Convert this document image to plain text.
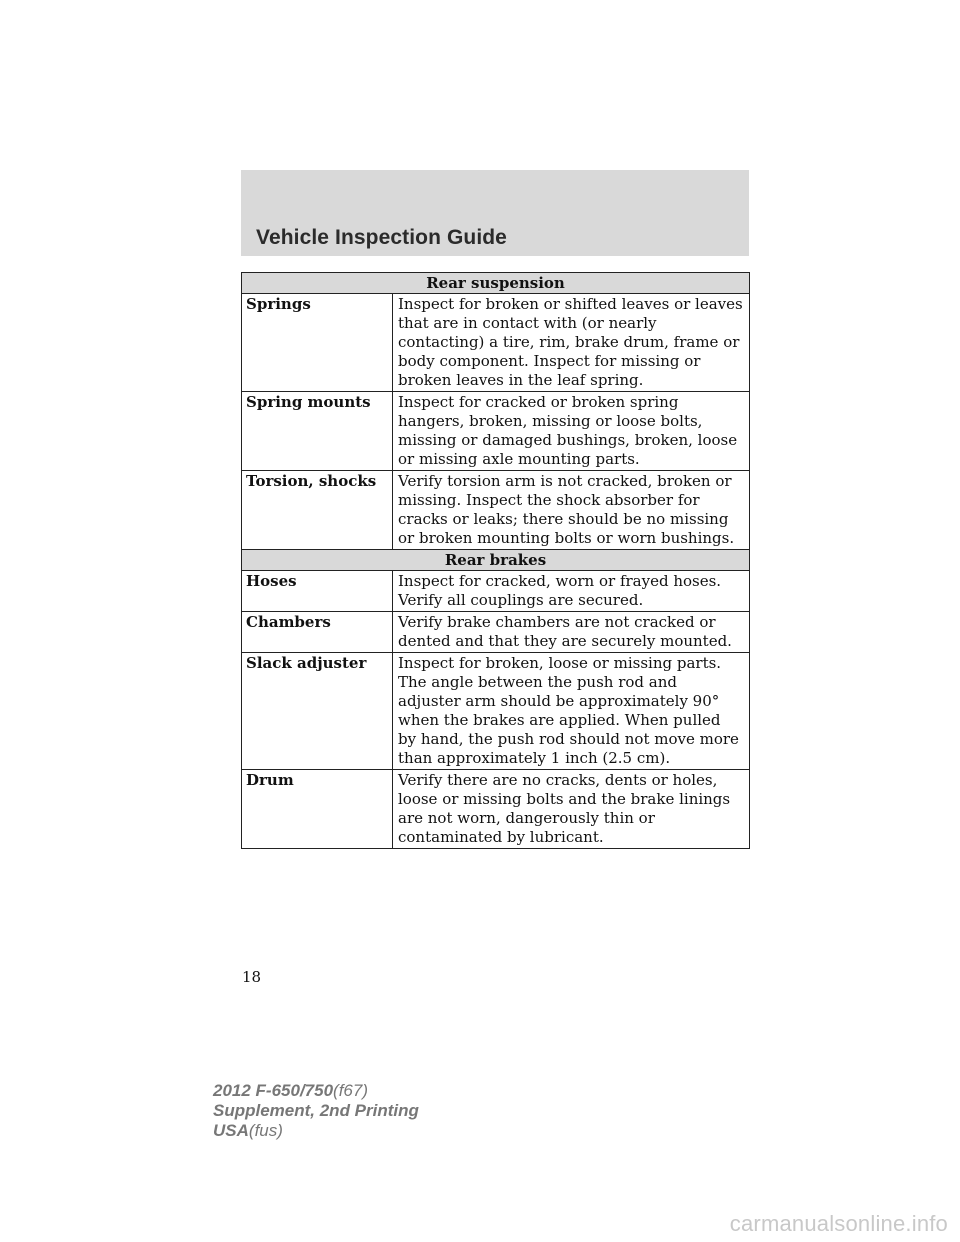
Vehicle Inspection Guide
Rear suspension	
Springs	Inspect for broken or shifted leaves or leaves that are in contact with (or nearly contacting) a tire, rim, brake drum, frame or body component. Inspect for missing or broken leaves in the leaf spring.
Spring mounts	Inspect for cracked or broken spring hangers, broken, missing or loose bolts, missing or damaged bushings, broken, loose or missing axle mounting parts.
Torsion, shocks	Verify torsion arm is not cracked, broken or missing. Inspect the shock absorber for cracks or leaks; there should be no missing or broken mounting bolts or worn bushings.
Rear brakes	
Hoses	Inspect for cracked, worn or frayed hoses. Verify all couplings are secured.
Chambers	Verify brake chambers are not cracked or dented and that they are securely mounted.
Slack adjuster	Inspect for broken, loose or missing parts. The angle between the push rod and adjuster arm should be approximately 90° when the brakes are applied. When pulled by hand, the push rod should not move more than approximately 1 inch (2.5 cm).
Drum	Verify there are no cracks, dents or holes, loose or missing bolts and the brake linings are not worn, dangerously thin or contaminated by lubricant.
18
2012 F-650/750(f67)
Supplement, 2nd Printing
USA(fus)
carmanualsonline.info
